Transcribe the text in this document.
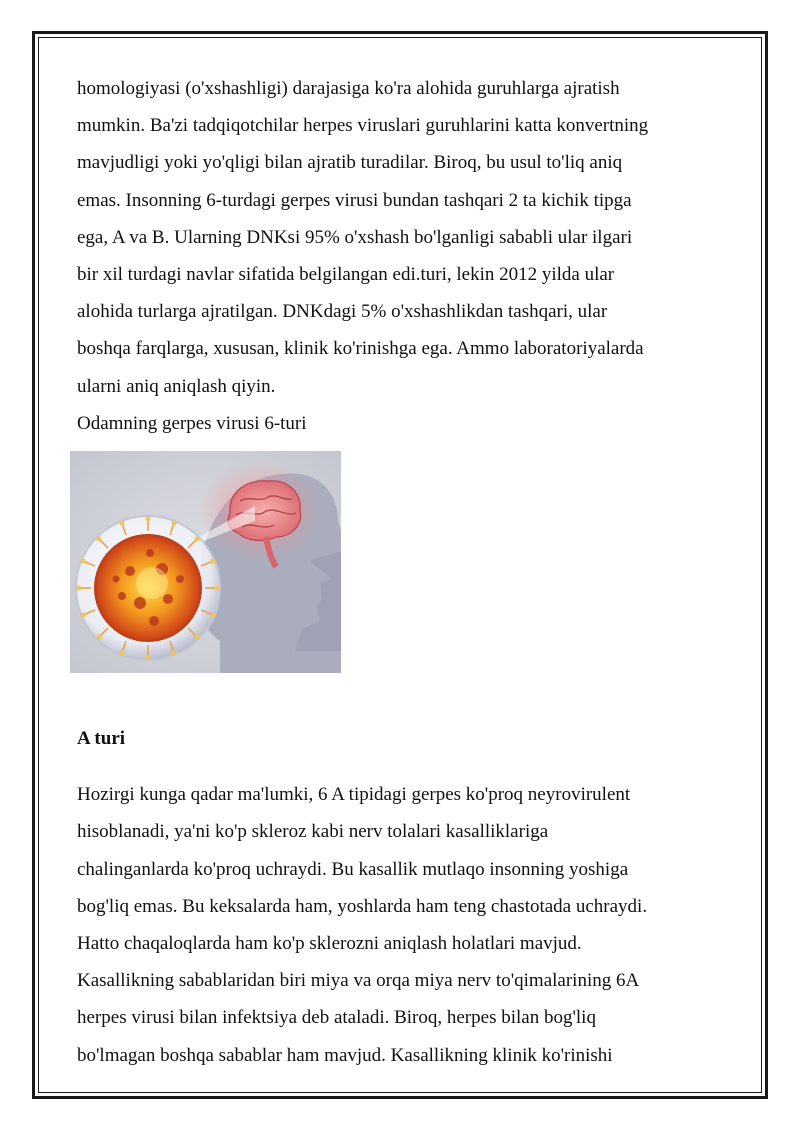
homologiyasi (o'xshashligi) darajasiga ko'ra alohida guruhlarga ajratish
mumkin. Ba'zi tadqiqotchilar herpes viruslari guruhlarini katta konvertning
mavjudligi yoki yo'qligi bilan ajratib turadilar. Biroq, bu usul to'liq aniq
emas. Insonning 6-turdagi gerpes virusi bundan tashqari 2 ta kichik tipga
ega, A va B. Ularning DNKsi 95% o'xshash bo'lganligi sababli ular ilgari
bir xil turdagi navlar sifatida belgilangan edi.turi, lekin 2012 yilda ular
alohida turlarga ajratilgan. DNKdagi 5% o'xshashlikdan tashqari, ular
boshqa farqlarga, xususan, klinik ko'rinishga ega. Ammo laboratoriyalarda
ularni aniq aniqlash qiyin.

Odamning gerpes virusi 6-turi

A turi

Hozirgi kunga qadar ma'lumki, 6 A tipidagi gerpes ko'proq neyrovirulent
hisoblanadi, ya'ni ko'p skleroz kabi nerv tolalari kasalliklariga
chalinganlarda ko'proq uchraydi. Bu kasallik mutlaqo insonning yoshiga
bog'liq emas. Bu keksalarda ham, yoshlarda ham teng chastotada uchraydi.
Hatto chaqaloqlarda ham ko'p sklerozni aniqlash holatlari mavjud.
Kasallikning sabablaridan biri miya va orqa miya nerv to'qimalarining 6A
herpes virusi bilan infektsiya deb ataladi. Biroq, herpes bilan bog'liq
bo'lmagan boshqa sabablar ham mavjud. Kasallikning klinik ko'rinishi
